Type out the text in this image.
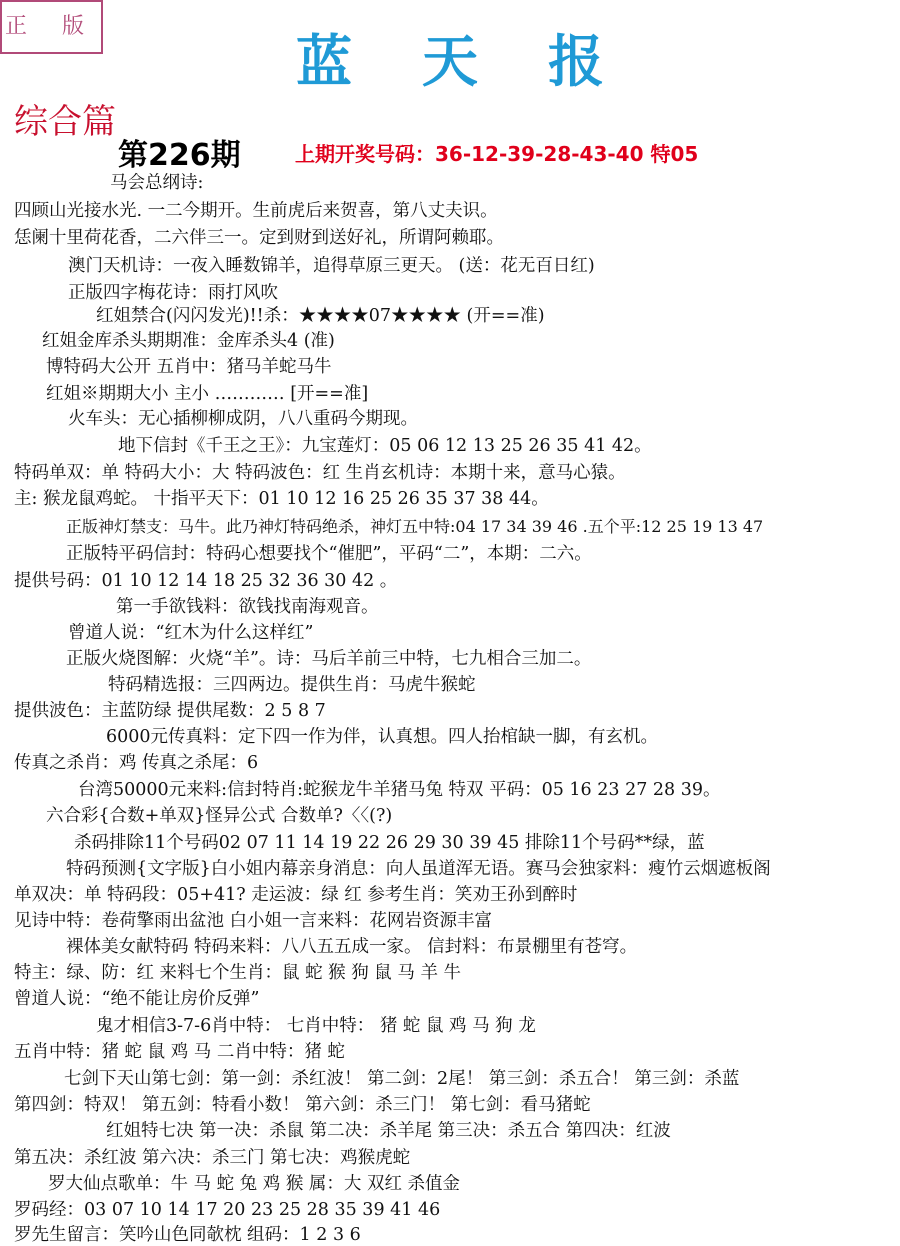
正 版
蓝天报
综合篇
第226期	上期开奖号码：36-12-39-28-43-40 特05
马会总纲诗:
四顾山光接水光. 一二今期开。生前虎后来贺喜，第八丈夫识。
恁阑十里荷花香，二六伴三一。定到财到送好礼，所谓阿赖耶。
澳门天机诗：一夜入睡数锦羊，追得草原三更天。 (送：花无百日红)
正版四字梅花诗：雨打风吹
红姐禁合(闪闪发光)!!杀：★★★★07★★★★ (开==准)
红姐金库杀头期期准：金库杀头4 (准)
博特码大公开 五肖中：猪马羊蛇马牛
红姐※期期大小 主小 ………… [开==准]
火车头：无心插柳柳成阴，八八重码今期现。
地下信封《千王之王》：九宝莲灯：05 06 12 13 25 26 35 41 42。
特码单双：单 特码大小：大 特码波色：红 生肖玄机诗：本期十来，意马心猿。
主: 猴龙鼠鸡蛇。 十指平天下：01 10 12 16 25 26 35 37 38 44。
正版神灯禁支：马牛。此乃神灯特码绝杀，神灯五中特:04 17 34 39 46 .五个平:12 25 19 13 47
正版特平码信封：特码心想要找个“催肥”，平码“二”，本期：二六。
提供号码：01 10 12 14 18 25 32 36 30 42 。
第一手欲钱料：欲钱找南海观音。
曾道人说：“红木为什么这样红”
正版火烧图解：火烧“羊”。诗：马后羊前三中特，七九相合三加二。
特码精选报：三四两边。提供生肖：马虎牛猴蛇
提供波色：主蓝防绿 提供尾数：2 5 8 7
6000元传真料：定下四一作为伴，认真想。四人抬棺缺一脚，有玄机。
传真之杀肖：鸡 传真之杀尾：6
台湾50000元来料:信封特肖:蛇猴龙牛羊猪马兔 特双 平码：05 16 23 27 28 39。
六合彩{合数+单双}怪异公式 合数单?〈〈(?)
杀码排除11个号码02 07 11 14 19 22 26 29 30 39 45 排除11个号码**绿，蓝
特码预测{文字版}白小姐内幕亲身消息：向人虽道浑无语。赛马会独家料：瘦竹云烟遮板阁
单双决：单 特码段：05+41? 走运波：绿 红 参考生肖：笑劝王孙到醉时
见诗中特：卷荷擎雨出盆池 白小姐一言来料：花网岩资源丰富
裸体美女献特码 特码来料：八八五五成一家。 信封料：布景棚里有苍穹。
特主：绿、防：红 来料七个生肖：鼠 蛇 猴 狗 鼠 马 羊 牛
曾道人说：“绝不能让房价反弹”
鬼才相信3-7-6肖中特： 七肖中特： 猪 蛇 鼠 鸡 马 狗 龙
五肖中特：猪 蛇 鼠 鸡 马 二肖中特：猪 蛇
七剑下天山第七剑：第一剑：杀红波！ 第二剑：2尾！ 第三剑：杀五合！ 第三剑：杀蓝
第四剑：特双！ 第五剑：特看小数！ 第六剑：杀三门！ 第七剑：看马猪蛇
红姐特七决 第一决：杀鼠 第二决：杀羊尾 第三决：杀五合 第四决：红波
第五决：杀红波 第六决：杀三门 第七决：鸡猴虎蛇
罗大仙点歌单：牛 马 蛇 兔 鸡 猴 属：大 双红 杀值金
罗码经：03 07 10 14 17 20 23 25 28 35 39 41 46
罗先生留言：笑吟山色同欹枕 组码：1 2 3 6
